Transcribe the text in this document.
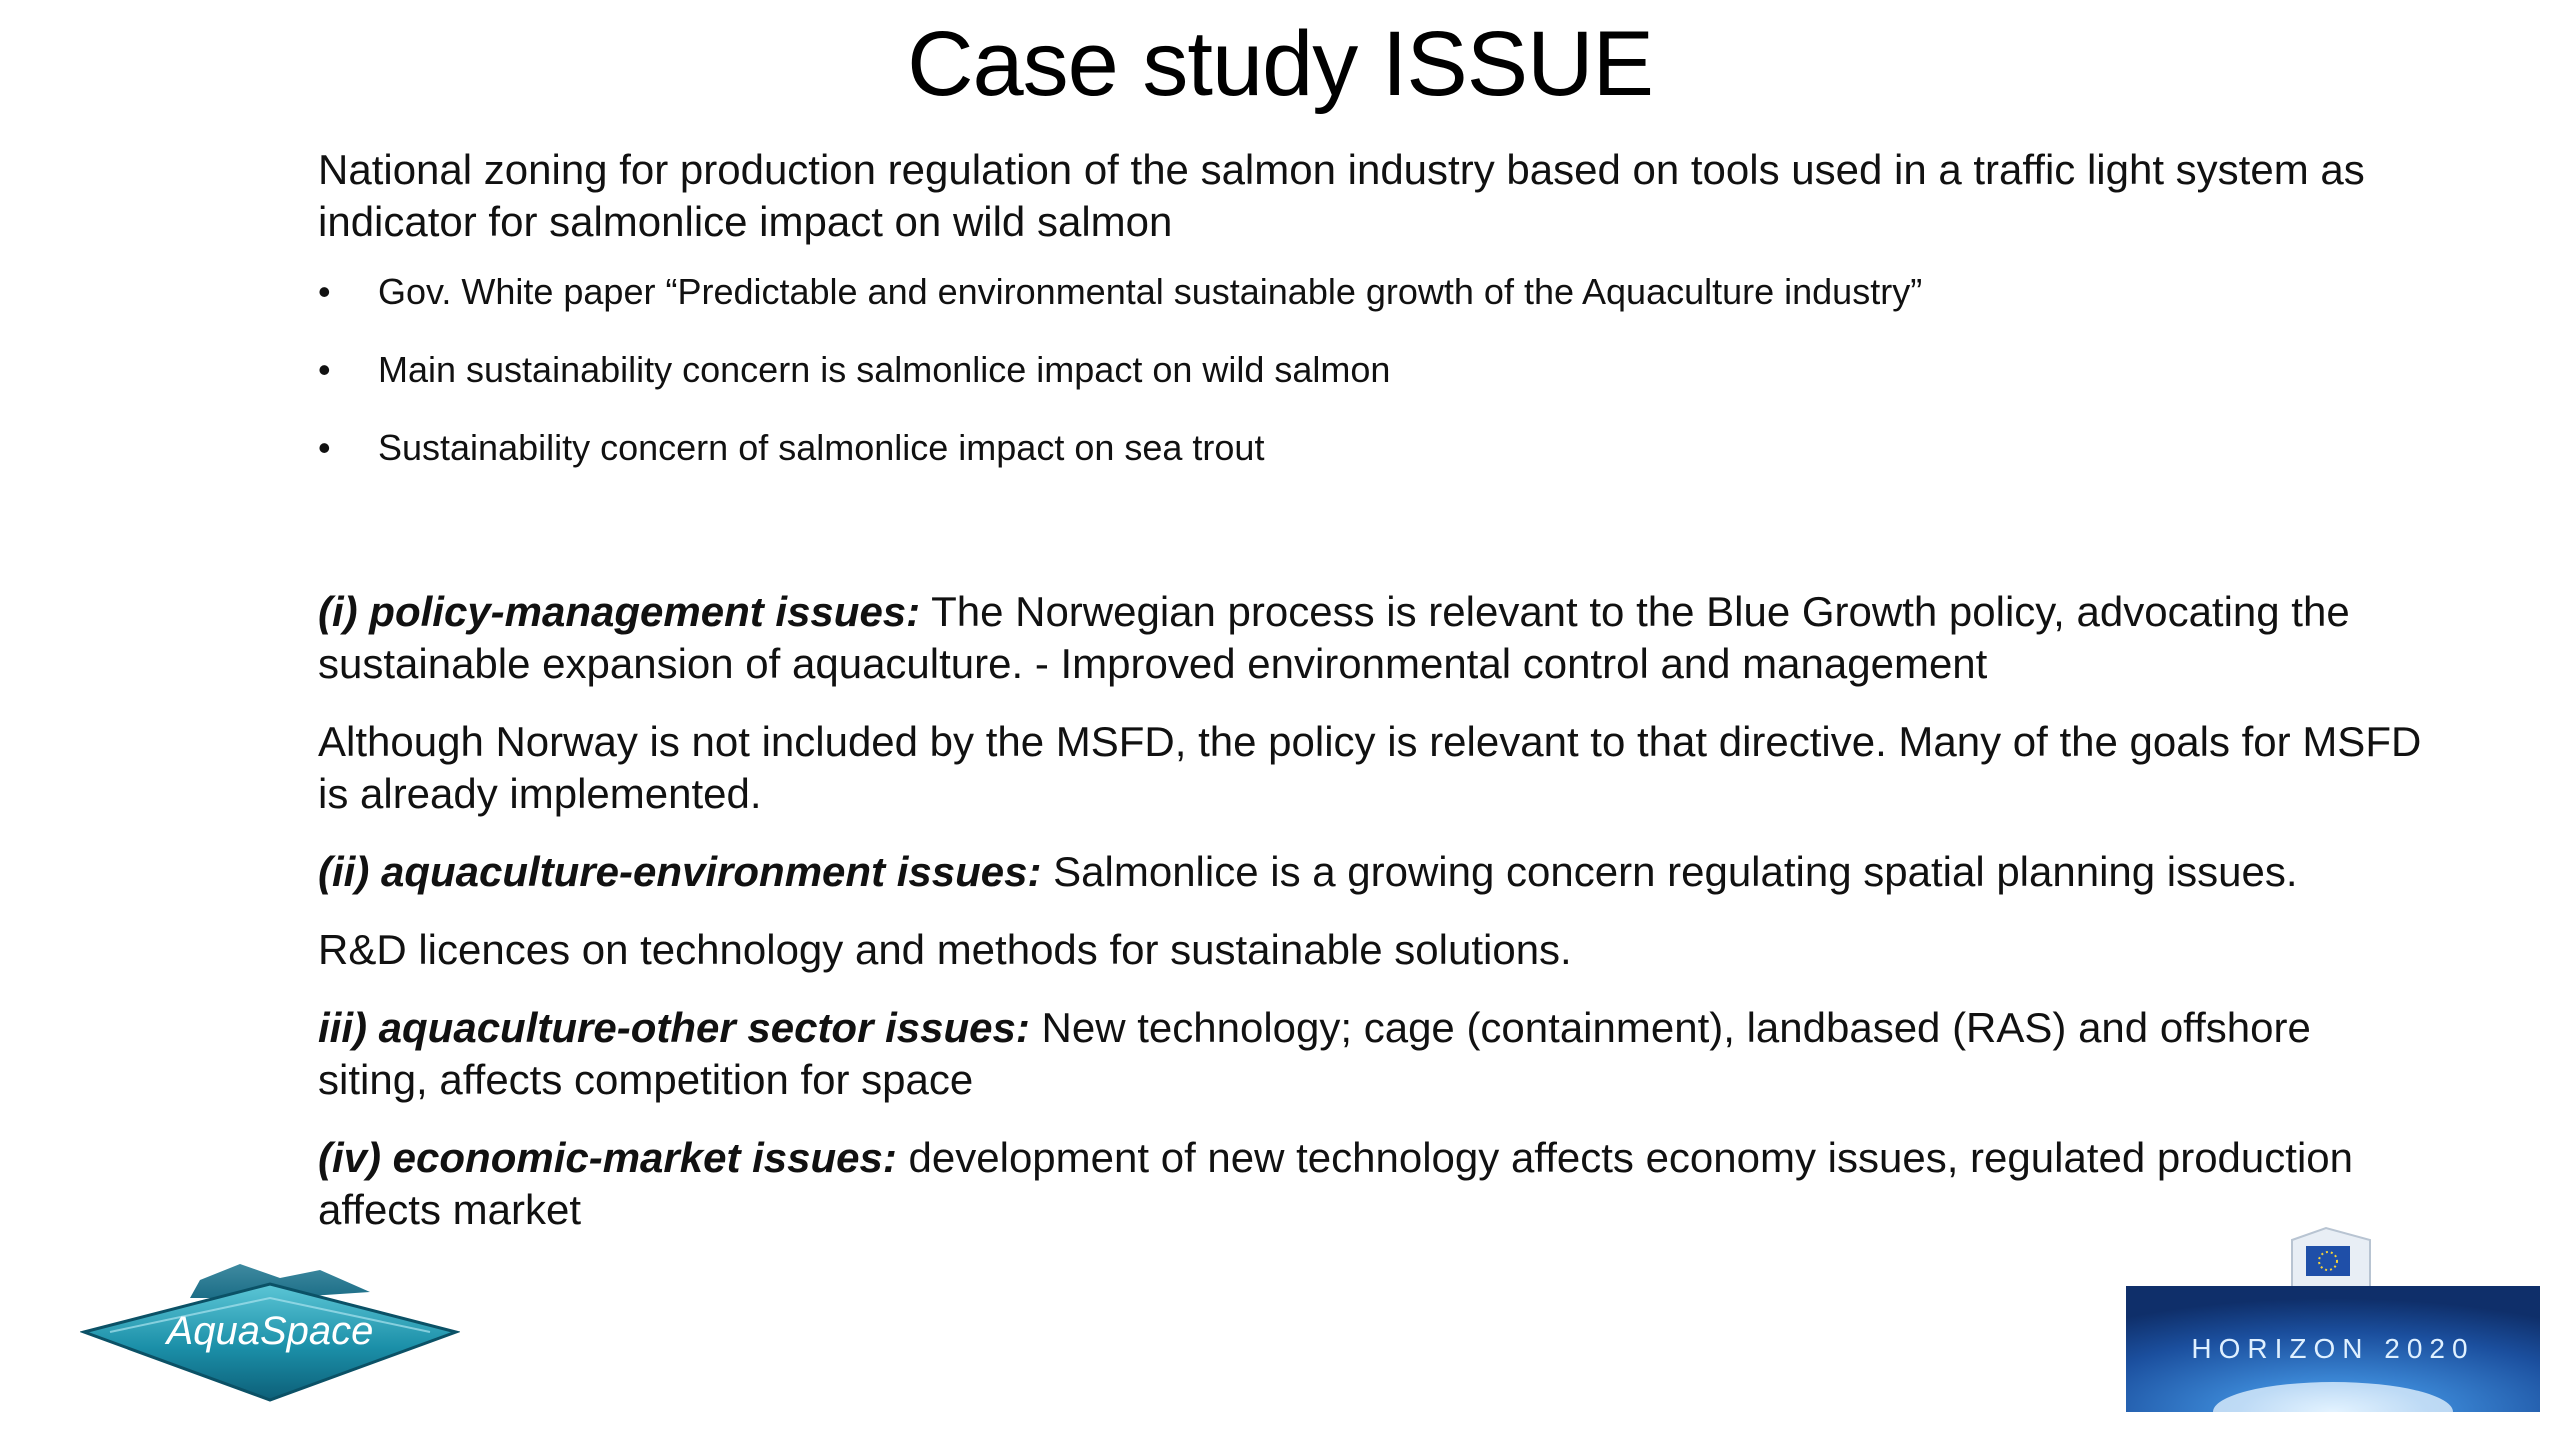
Case study ISSUE

National zoning for production regulation of the salmon industry based on tools used in a traffic light system as indicator for salmonlice impact on wild salmon

• Gov. White paper “Predictable and environmental sustainable growth of the Aquaculture industry”
• Main sustainability concern is salmonlice impact on wild salmon
• Sustainability concern of salmonlice impact on sea trout

(i) policy-management issues: The Norwegian process is relevant to the Blue Growth policy, advocating the sustainable expansion of aquaculture. - Improved environmental control and management

Although Norway is not included by the MSFD, the policy is relevant to that directive. Many of the goals for MSFD is already implemented.

(ii) aquaculture-environment issues: Salmonlice is a growing concern regulating spatial planning issues.

R&D licences on technology and methods for sustainable solutions.

iii) aquaculture-other sector issues: New technology; cage (containment), landbased (RAS) and offshore siting, affects competition for space

(iv) economic-market issues: development of new technology affects economy issues, regulated production affects market

AquaSpace	HORIZON 2020
